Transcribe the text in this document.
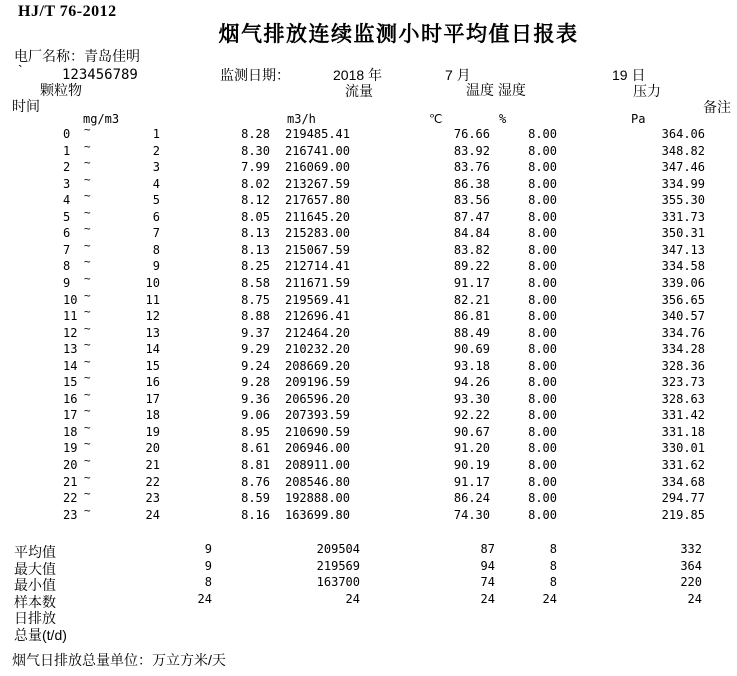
HJ/T 76-2012
烟气排放连续监测小时平均值日报表
电厂名称：青岛佳明
`	123456789	监测日期：	2018 年	7 月	19 日
颗粒物	流量	温度 湿度	压力
时间	备注
mg/m3	m3/h	℃	%	Pa
0 ~	1	8.28	219485.41	76.66	8.00	364.06
1 ~	2	8.30	216741.00	83.92	8.00	348.82
2 ~	3	7.99	216069.00	83.76	8.00	347.46
3 ~	4	8.02	213267.59	86.38	8.00	334.99
4 ~	5	8.12	217657.80	83.56	8.00	355.30
5 ~	6	8.05	211645.20	87.47	8.00	331.73
6 ~	7	8.13	215283.00	84.84	8.00	350.31
7 ~	8	8.13	215067.59	83.82	8.00	347.13
8 ~	9	8.25	212714.41	89.22	8.00	334.58
9 ~	10	8.58	211671.59	91.17	8.00	339.06
10 ~	11	8.75	219569.41	82.21	8.00	356.65
11 ~	12	8.88	212696.41	86.81	8.00	340.57
12 ~	13	9.37	212464.20	88.49	8.00	334.76
13 ~	14	9.29	210232.20	90.69	8.00	334.28
14 ~	15	9.24	208669.20	93.18	8.00	328.36
15 ~	16	9.28	209196.59	94.26	8.00	323.73
16 ~	17	9.36	206596.20	93.30	8.00	328.63
17 ~	18	9.06	207393.59	92.22	8.00	331.42
18 ~	19	8.95	210690.59	90.67	8.00	331.18
19 ~	20	8.61	206946.00	91.20	8.00	330.01
20 ~	21	8.81	208911.00	90.19	8.00	331.62
21 ~	22	8.76	208546.80	91.17	8.00	334.68
22 ~	23	8.59	192888.00	86.24	8.00	294.77
23 ~	24	8.16	163699.80	74.30	8.00	219.85
平均值	9	209504	87	8	332
最大值	9	219569	94	8	364
最小值	8	163700	74	8	220
样本数	24	24	24	24	24
日排放
总量(t/d)
烟气日排放总量单位：万立方米/天
